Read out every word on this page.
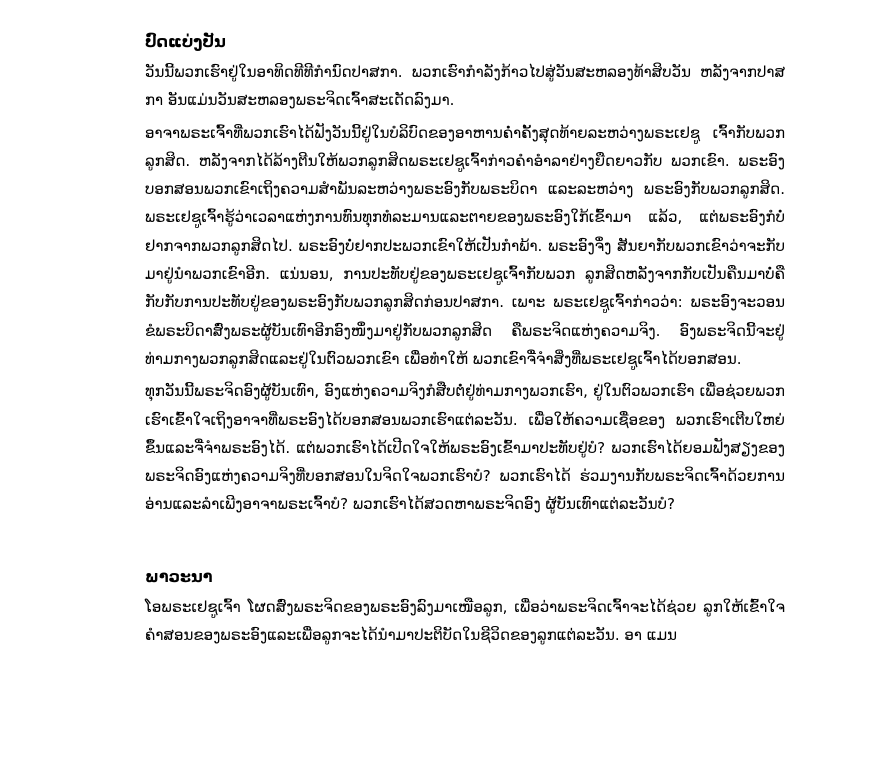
ປົດແບ່ງປັນ

ວັນນີ້ພວກເຮົາຢູ່ໃນອາທິດທີທີກຳນົດປາສກາ. ພວກເຮົາກຳລັງກ້າວໄປສູ່ວັນສະຫລອງທ້າສິບວັນ ຫລັງຈາກປາສກາ ອັນແມ່ນວັນສະຫລອງພຣະຈິດເຈົ້າສະເດັດລົງມາ.

ອາຈາພຣະເຈົ້າທີ່ພວກເຮົາໄດ້ຟັງວັນນີ້ຢູ່ໃນບໍລິບົດຂອງອາຫານຄ່ຳຄັ້ງສຸດທ້າຍລະຫວ່າງພຣະເຢຊູ ເຈົ້າກັບພວກລູກສິດ. ຫລັງຈາກໄດ້ລ້າງຕີນໃຫ້ພວກລູກສິດພຣະເຢຊູເຈົ້າກ່າວຄຳອຳລາຢ່າງຍືດຍາວກັບ ພວກເຂົາ. ພຣະອົງບອກສອນພວກເຂົາເຖິງຄວາມສຳພັນລະຫວ່າງພຣະອົງກັບພຣະບິດາ ແລະລະຫວ່າງ ພຣະອົງກັບພວກລູກສິດ. ພຣະເຢຊູເຈົ້າຮູ້ວ່າເວລາແຫ່ງການທົນທຸກທໍລະມານແລະຕາຍຂອງພຣະອົງໃກ້ເຂົ້າມາ ແລ້ວ, ແຕ່ພຣະອົງກໍບໍ່ຢາກຈາກພວກລູກສິດໄປ. ພຣະອົງບໍ່ຢາກປະພວກເຂົາໃຫ້ເປັນກຳພ້າ. ພຣະອົງຈຶ່ງ ສັນຍາກັບພວກເຂົາວ່າຈະກັບມາຢູ່ນຳພວກເຂົາອີກ. ແນ່ນອນ, ການປະທັບຢູ່ຂອງພຣະເຢຊູເຈົ້າກັບພວກ ລູກສິດຫລັງຈາກກັບເປັນຄືນມາບໍ່ຄືກັບກັບການປະທັບຢູ່ຂອງພຣະອົງກັບພວກລູກສິດກ່ອນປາສກາ. ເພາະ ພຣະເຢຊູເຈົ້າກ່າວວ່າ: ພຣະອົງຈະວອນຂໍພຣະບິດາສົ່ງພຣະຜູ້ບັນເທົາອີກອົງໜຶ່ງມາຢູ່ກັບພວກລູກສິດ ຄືພຣະຈິດແຫ່ງຄວາມຈິງ. ອົງພຣະຈິດນີ້ຈະຢູ່ທ່າມກາງພວກລູກສິດແລະຢູ່ໃນຕົວພວກເຂົາ ເພື່ອທຳໃຫ້ ພວກເຂົາຈື່ຈຳສິ່ງທີ່ພຣະເຢຊູເຈົ້າໄດ້ບອກສອນ.

ທຸກວັນນີ້ພຣະຈິດອົງຜູ້ບັນເທົາ, ອົງແຫ່ງຄວາມຈິງກໍສືບຕໍ່ຢູ່ທ່າມກາງພວກເຮົາ, ຢູ່ໃນຕົວພວກເຮົາ ເພື່ອຊ່ວຍພວກເຮົາເຂົ້າໃຈເຖິງອາຈາທີ່ພຣະອົງໄດ້ບອກສອນພວກເຮົາແຕ່ລະວັນ. ເພື່ອໃຫ້ຄວາມເຊື່ອຂອງ ພວກເຮົາເຕີບໃຫຍ່ຂຶ້ນແລະຈື່ຈຳພຣະອົງໄດ້. ແຕ່ພວກເຮົາໄດ້ເປີດໃຈໃຫ້ພຣະອົງເຂົ້າມາປະທັບຢູ່ບໍ? ພວກເຮົາໄດ້ຍອມຟັງສຽງຂອງພຣະຈິດອົງແຫ່ງຄວາມຈິງທີ່ບອກສອນໃນຈິດໃຈພວກເຮົາບໍ? ພວກເຮົາໄດ້ ຮ່ວມງານກັບພຣະຈິດເຈົ້າດ້ວຍການອ່ານແລະລຳເພີງອາຈາພຣະເຈົ້າບໍ? ພວກເຮົາໄດ້ສວດຫາພຣະຈິດອົງ ຜູ້ບັນເທົາແຕ່ລະວັນບໍ?

ພາວະນາ

ໂອພຣະເຢຊູເຈົ້າ ໂຜດສົ່ງພຣະຈິດຂອງພຣະອົງລົງມາເໜືອລູກ, ເພື່ອວ່າພຣະຈິດເຈົ້າຈະໄດ້ຊ່ວຍ ລູກໃຫ້ເຂົ້າໃຈຄຳສອນຂອງພຣະອົງແລະເພື່ອລູກຈະໄດ້ນຳມາປະຕິບັດໃນຊີວິດຂອງລູກແຕ່ລະວັນ. ອາ ແມນ
